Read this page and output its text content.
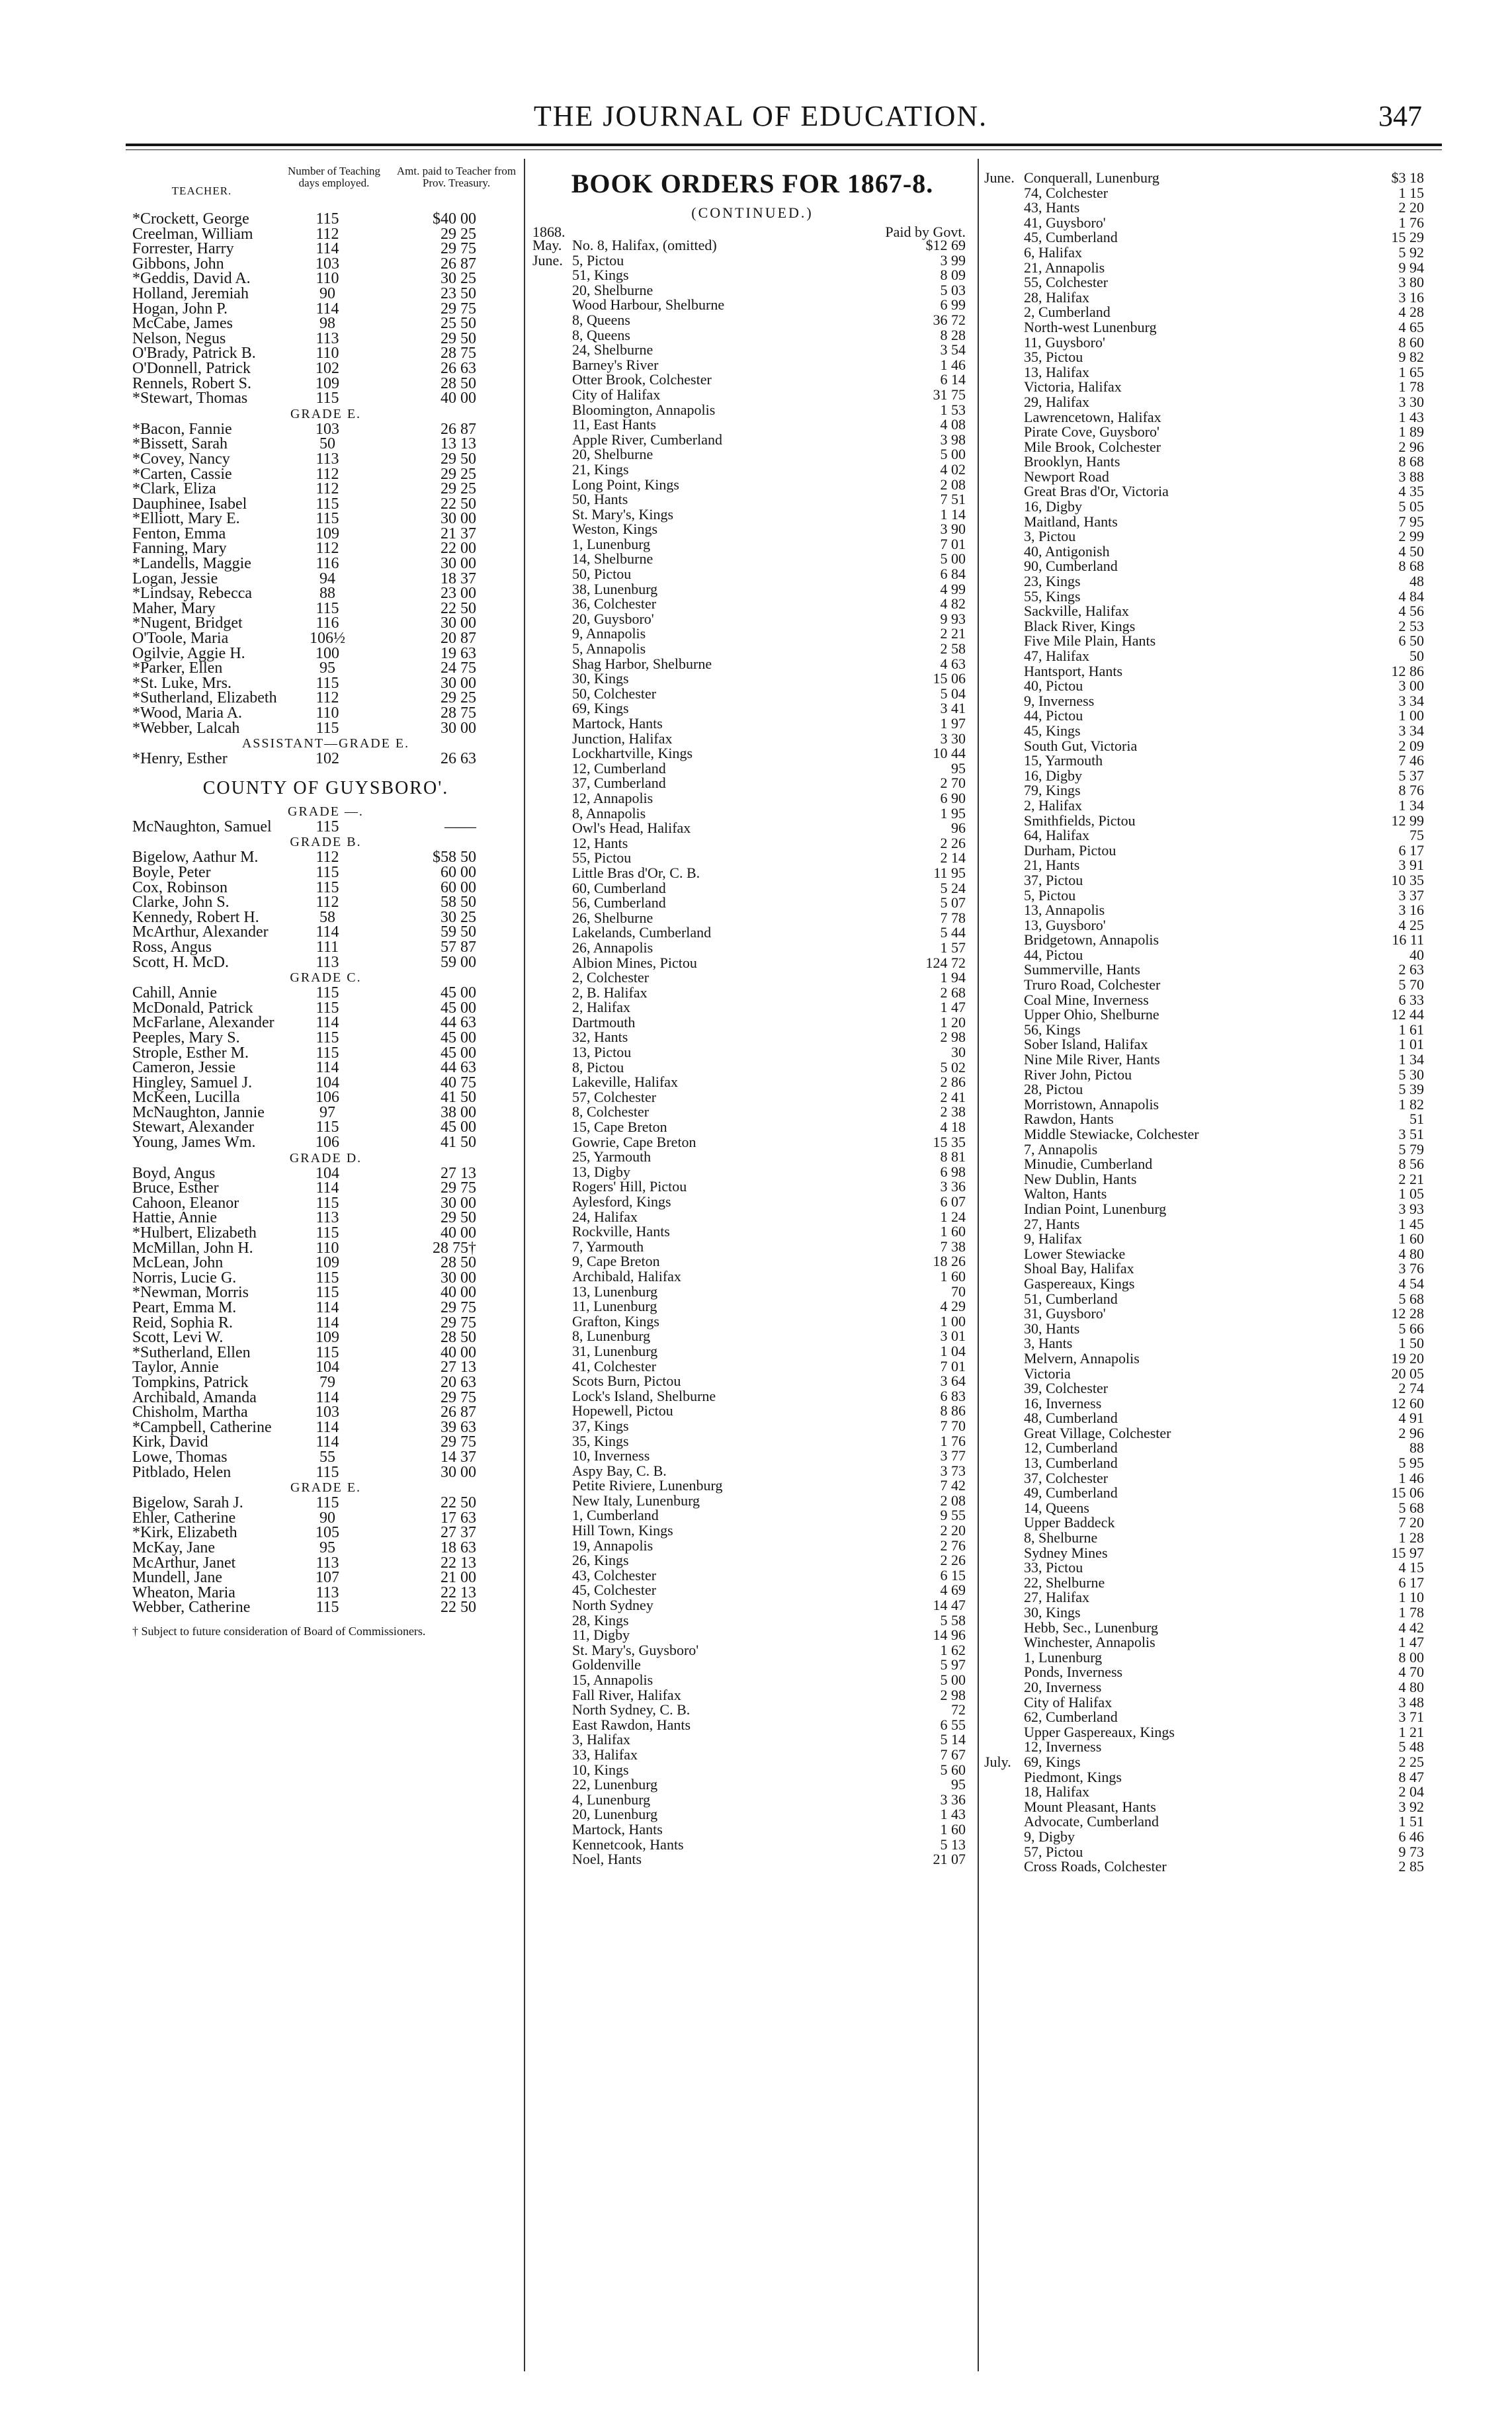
THE JOURNAL OF EDUCATION.	347
TEACHER.
Number of Teaching days employed.
Amt. paid to Teacher from Prov. Treasury.
*Crockett, George	115	$40 00
Creelman, William	112	29 25
Forrester, Harry	114	29 75
Gibbons, John	103	26 87
*Geddis, David A.	110	30 25
Holland, Jeremiah	90	23 50
Hogan, John P.	114	29 75
McCabe, James	98	25 50
Nelson, Negus	113	29 50
O'Brady, Patrick B.	110	28 75
O'Donnell, Patrick	102	26 63
Rennels, Robert S.	109	28 50
*Stewart, Thomas	115	40 00
GRADE E.
*Bacon, Fannie	103	26 87
*Bissett, Sarah	50	13 13
*Covey, Nancy	113	29 50
*Carten, Cassie	112	29 25
*Clark, Eliza	112	29 25
Dauphinee, Isabel	115	22 50
*Elliott, Mary E.	115	30 00
Fenton, Emma	109	21 37
Fanning, Mary	112	22 00
*Landells, Maggie	116	30 00
Logan, Jessie	94	18 37
*Lindsay, Rebecca	88	23 00
Maher, Mary	115	22 50
*Nugent, Bridget	116	30 00
O'Toole, Maria	106½	20 87
Ogilvie, Aggie H.	100	19 63
*Parker, Ellen	95	24 75
*St. Luke, Mrs.	115	30 00
*Sutherland, Elizabeth	112	29 25
*Wood, Maria A.	110	28 75
*Webber, Lalcah	115	30 00
ASSISTANT—GRADE E.
*Henry, Esther	102	26 63
COUNTY OF GUYSBORO'.
GRADE —.
McNaughton, Samuel	115	——
GRADE B.
Bigelow, Aathur M.	112	$58 50
Boyle, Peter	115	60 00
Cox, Robinson	115	60 00
Clarke, John S.	112	58 50
Kennedy, Robert H.	58	30 25
McArthur, Alexander	114	59 50
Ross, Angus	111	57 87
Scott, H. McD.	113	59 00
GRADE C.
Cahill, Annie	115	45 00
McDonald, Patrick	115	45 00
McFarlane, Alexander	114	44 63
Peeples, Mary S.	115	45 00
Strople, Esther M.	115	45 00
Cameron, Jessie	114	44 63
Hingley, Samuel J.	104	40 75
McKeen, Lucilla	106	41 50
McNaughton, Jannie	97	38 00
Stewart, Alexander	115	45 00
Young, James Wm.	106	41 50
GRADE D.
Boyd, Angus	104	27 13
Bruce, Esther	114	29 75
Cahoon, Eleanor	115	30 00
Hattie, Annie	113	29 50
*Hulbert, Elizabeth	115	40 00
McMillan, John H.	110	28 75†
McLean, John	109	28 50
Norris, Lucie G.	115	30 00
*Newman, Morris	115	40 00
Peart, Emma M.	114	29 75
Reid, Sophia R.	114	29 75
Scott, Levi W.	109	28 50
*Sutherland, Ellen	115	40 00
Taylor, Annie	104	27 13
Tompkins, Patrick	79	20 63
Archibald, Amanda	114	29 75
Chisholm, Martha	103	26 87
*Campbell, Catherine	114	39 63
Kirk, David	114	29 75
Lowe, Thomas	55	14 37
Pitblado, Helen	115	30 00
GRADE E.
Bigelow, Sarah J.	115	22 50
Ehler, Catherine	90	17 63
*Kirk, Elizabeth	105	27 37
McKay, Jane	95	18 63
McArthur, Janet	113	22 13
Mundell, Jane	107	21 00
Wheaton, Maria	113	22 13
Webber, Catherine	115	22 50
† Subject to future consideration of Board of Commissioners.
BOOK ORDERS FOR 1867-8.
(CONTINUED.)
1868.	Paid by Govt.
May. No. 8, Halifax, (omitted)	$12 69
June. 5, Pictou	3 99
51, Kings	8 09
20, Shelburne	5 03
Wood Harbour, Shelburne	6 99
8, Queens	36 72
8, Queens	8 28
24, Shelburne	3 54
Barney's River	1 46
Otter Brook, Colchester	6 14
City of Halifax	31 75
Bloomington, Annapolis	1 53
11, East Hants	4 08
Apple River, Cumberland	3 98
20, Shelburne	5 00
21, Kings	4 02
Long Point, Kings	2 08
50, Hants	7 51
St. Mary's, Kings	1 14
Weston, Kings	3 90
1, Lunenburg	7 01
14, Shelburne	5 00
50, Pictou	6 84
38, Lunenburg	4 99
36, Colchester	4 82
20, Guysboro'	9 93
9, Annapolis	2 21
5, Annapolis	2 58
Shag Harbor, Shelburne	4 63
30, Kings	15 06
50, Colchester	5 04
69, Kings	3 41
Martock, Hants	1 97
Junction, Halifax	3 30
Lockhartville, Kings	10 44
12, Cumberland	95
37, Cumberland	2 70
12, Annapolis	6 90
8, Annapolis	1 95
Owl's Head, Halifax	96
12, Hants	2 26
55, Pictou	2 14
Little Bras d'Or, C. B.	11 95
60, Cumberland	5 24
56, Cumberland	5 07
26, Shelburne	7 78
Lakelands, Cumberland	5 44
26, Annapolis	1 57
Albion Mines, Pictou	124 72
2, Colchester	1 94
2, B. Halifax	2 68
2, Halifax	1 47
Dartmouth	1 20
32, Hants	2 98
13, Pictou	30
8, Pictou	5 02
Lakeville, Halifax	2 86
57, Colchester	2 41
8, Colchester	2 38
15, Cape Breton	4 18
Gowrie, Cape Breton	15 35
25, Yarmouth	8 81
13, Digby	6 98
Rogers' Hill, Pictou	3 36
Aylesford, Kings	6 07
24, Halifax	1 24
Rockville, Hants	1 60
7, Yarmouth	7 38
9, Cape Breton	18 26
Archibald, Halifax	1 60
13, Lunenburg	70
11, Lunenburg	4 29
Grafton, Kings	1 00
8, Lunenburg	3 01
31, Lunenburg	1 04
41, Colchester	7 01
Scots Burn, Pictou	3 64
Lock's Island, Shelburne	6 83
Hopewell, Pictou	8 86
37, Kings	7 70
35, Kings	1 76
10, Inverness	3 77
Aspy Bay, C. B.	3 73
Petite Riviere, Lunenburg	7 42
New Italy, Lunenburg	2 08
1, Cumberland	9 55
Hill Town, Kings	2 20
19, Annapolis	2 76
26, Kings	2 26
43, Colchester	6 15
45, Colchester	4 69
North Sydney	14 47
28, Kings	5 58
11, Digby	14 96
St. Mary's, Guysboro'	1 62
Goldenville	5 97
15, Annapolis	5 00
Fall River, Halifax	2 98
North Sydney, C. B.	72
East Rawdon, Hants	6 55
3, Halifax	5 14
33, Halifax	7 67
10, Kings	5 60
22, Lunenburg	95
4, Lunenburg	3 36
20, Lunenburg	1 43
Martock, Hants	1 60
Kennetcook, Hants	5 13
Noel, Hants	21 07
June. Conquerall, Lunenburg	$3 18
74, Colchester	1 15
43, Hants	2 20
41, Guysboro'	1 76
45, Cumberland	15 29
6, Halifax	5 92
21, Annapolis	9 94
55, Colchester	3 80
28, Halifax	3 16
2, Cumberland	4 28
North-west Lunenburg	4 65
11, Guysboro'	8 60
35, Pictou	9 82
13, Halifax	1 65
Victoria, Halifax	1 78
29, Halifax	3 30
Lawrencetown, Halifax	1 43
Pirate Cove, Guysboro'	1 89
Mile Brook, Colchester	2 96
Brooklyn, Hants	8 68
Newport Road	3 88
Great Bras d'Or, Victoria	4 35
16, Digby	5 05
Maitland, Hants	7 95
3, Pictou	2 99
40, Antigonish	4 50
90, Cumberland	8 68
23, Kings	48
55, Kings	4 84
Sackville, Halifax	4 56
Black River, Kings	2 53
Five Mile Plain, Hants	6 50
47, Halifax	50
Hantsport, Hants	12 86
40, Pictou	3 00
9, Inverness	3 34
44, Pictou	1 00
45, Kings	3 34
South Gut, Victoria	2 09
15, Yarmouth	7 46
16, Digby	5 37
79, Kings	8 76
2, Halifax	1 34
Smithfields, Pictou	12 99
64, Halifax	75
Durham, Pictou	6 17
21, Hants	3 91
37, Pictou	10 35
5, Pictou	3 37
13, Annapolis	3 16
13, Guysboro'	4 25
Bridgetown, Annapolis	16 11
44, Pictou	40
Summerville, Hants	2 63
Truro Road, Colchester	5 70
Coal Mine, Inverness	6 33
Upper Ohio, Shelburne	12 44
56, Kings	1 61
Sober Island, Halifax	1 01
Nine Mile River, Hants	1 34
River John, Pictou	5 30
28, Pictou	5 39
Morristown, Annapolis	1 82
Rawdon, Hants	51
Middle Stewiacke, Colchester	3 51
7, Annapolis	5 79
Minudie, Cumberland	8 56
New Dublin, Hants	2 21
Walton, Hants	1 05
Indian Point, Lunenburg	3 93
27, Hants	1 45
9, Halifax	1 60
Lower Stewiacke	4 80
Shoal Bay, Halifax	3 76
Gaspereaux, Kings	4 54
51, Cumberland	5 68
31, Guysboro'	12 28
30, Hants	5 66
3, Hants	1 50
Melvern, Annapolis	19 20
Victoria	20 05
39, Colchester	2 74
16, Inverness	12 60
48, Cumberland	4 91
Great Village, Colchester	2 96
12, Cumberland	88
13, Cumberland	5 95
37, Colchester	1 46
49, Cumberland	15 06
14, Queens	5 68
Upper Baddeck	7 20
8, Shelburne	1 28
Sydney Mines	15 97
33, Pictou	4 15
22, Shelburne	6 17
27, Halifax	1 10
30, Kings	1 78
Hebb, Sec., Lunenburg	4 42
Winchester, Annapolis	1 47
1, Lunenburg	8 00
Ponds, Inverness	4 70
20, Inverness	4 80
City of Halifax	3 48
62, Cumberland	3 71
Upper Gaspereaux, Kings	1 21
12, Inverness	5 48
July. 69, Kings	2 25
Piedmont, Kings	8 47
18, Halifax	2 04
Mount Pleasant, Hants	3 92
Advocate, Cumberland	1 51
9, Digby	6 46
57, Pictou	9 73
Cross Roads, Colchester	2 85
